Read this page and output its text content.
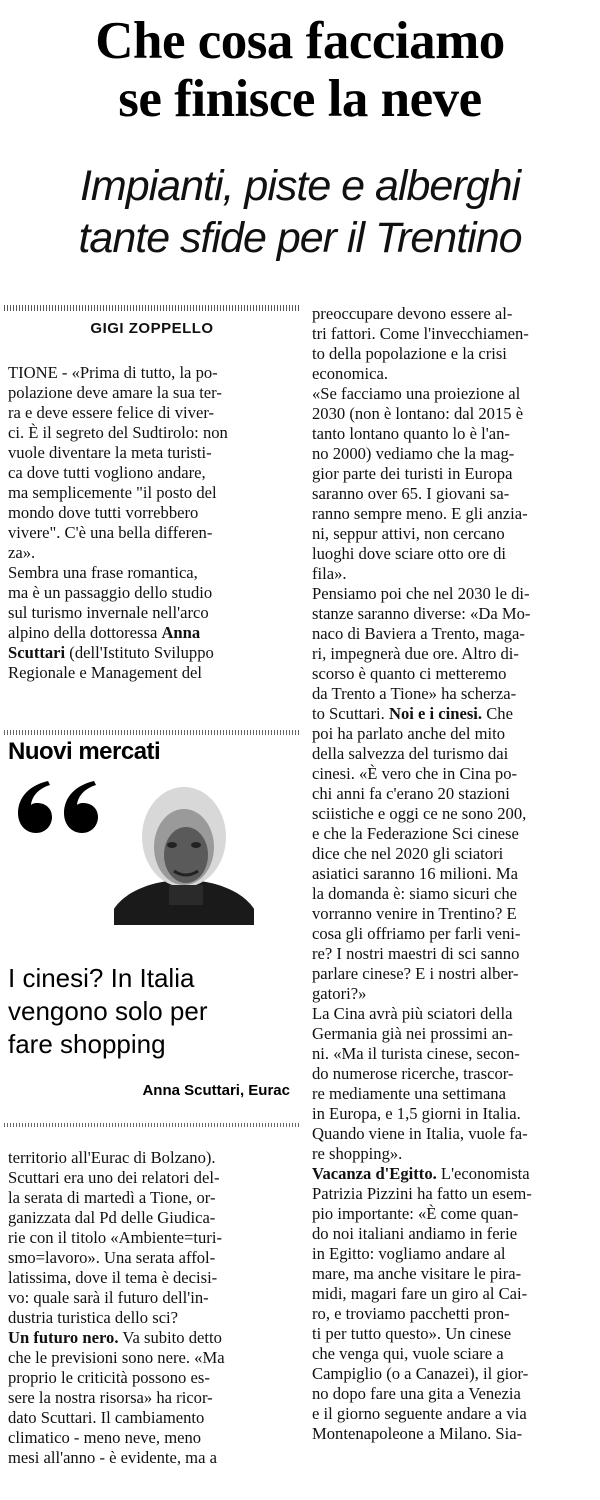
Che cosa facciamo
se finisce la neve
Impianti, piste e alberghi
tante sfide per il Trentino
GIGI ZOPPELLO
TIONE - «Prima di tutto, la po-
polazione deve amare la sua ter-
ra e deve essere felice di viver-
ci. È il segreto del Sudtirolo: non
vuole diventare la meta turisti-
ca dove tutti vogliono andare,
ma semplicemente "il posto del
mondo dove tutti vorrebbero
vivere". C'è una bella differen-
za».
Sembra una frase romantica,
ma è un passaggio dello studio
sul turismo invernale nell'arco
alpino della dottoressa Anna
Scuttari (dell'Istituto Sviluppo
Regionale e Management del
Nuovi mercati
I cinesi? In Italia
vengono solo per
fare shopping
Anna Scuttari, Eurac
territorio all'Eurac di Bolzano).
Scuttari era uno dei relatori del-
la serata di martedì a Tione, or-
ganizzata dal Pd delle Giudica-
rie con il titolo «Ambiente=turi-
smo=lavoro». Una serata affol-
latissima, dove il tema è decisi-
vo: quale sarà il futuro dell'in-
dustria turistica dello sci?
Un futuro nero. Va subito detto
che le previsioni sono nere. «Ma
proprio le criticità possono es-
sere la nostra risorsa» ha ricor-
dato Scuttari. Il cambiamento
climatico - meno neve, meno
mesi all'anno - è evidente, ma a
preoccupare devono essere al-
tri fattori. Come l'invecchiamen-
to della popolazione e la crisi
economica.
«Se facciamo una proiezione al
2030 (non è lontano: dal 2015 è
tanto lontano quanto lo è l'an-
no 2000) vediamo che la mag-
gior parte dei turisti in Europa
saranno over 65. I giovani sa-
ranno sempre meno. E gli anzia-
ni, seppur attivi, non cercano
luoghi dove sciare otto ore di
fila».
Pensiamo poi che nel 2030 le di-
stanze saranno diverse: «Da Mo-
naco di Baviera a Trento, maga-
ri, impegnerà due ore. Altro di-
scorso è quanto ci metteremo
da Trento a Tione» ha scherza-
to Scuttari. Noi e i cinesi. Che
poi ha parlato anche del mito
della salvezza del turismo dai
cinesi. «È vero che in Cina po-
chi anni fa c'erano 20 stazioni
sciistiche e oggi ce ne sono 200,
e che la Federazione Sci cinese
dice che nel 2020 gli sciatori
asiatici saranno 16 milioni. Ma
la domanda è: siamo sicuri che
vorranno venire in Trentino? E
cosa gli offriamo per farli veni-
re? I nostri maestri di sci sanno
parlare cinese? E i nostri alber-
gatori?»
La Cina avrà più sciatori della
Germania già nei prossimi an-
ni. «Ma il turista cinese, secon-
do numerose ricerche, trascor-
re mediamente una settimana
in Europa, e 1,5 giorni in Italia.
Quando viene in Italia, vuole fa-
re shopping».
Vacanza d'Egitto. L'economista
Patrizia Pizzini ha fatto un esem-
pio importante: «È come quan-
do noi italiani andiamo in ferie
in Egitto: vogliamo andare al
mare, ma anche visitare le pira-
midi, magari fare un giro al Cai-
ro, e troviamo pacchetti pron-
ti per tutto questo». Un cinese
che venga qui, vuole sciare a
Campiglio (o a Canazei), il gior-
no dopo fare una gita a Venezia
e il giorno seguente andare a via
Montenapoleone a Milano. Sia-
